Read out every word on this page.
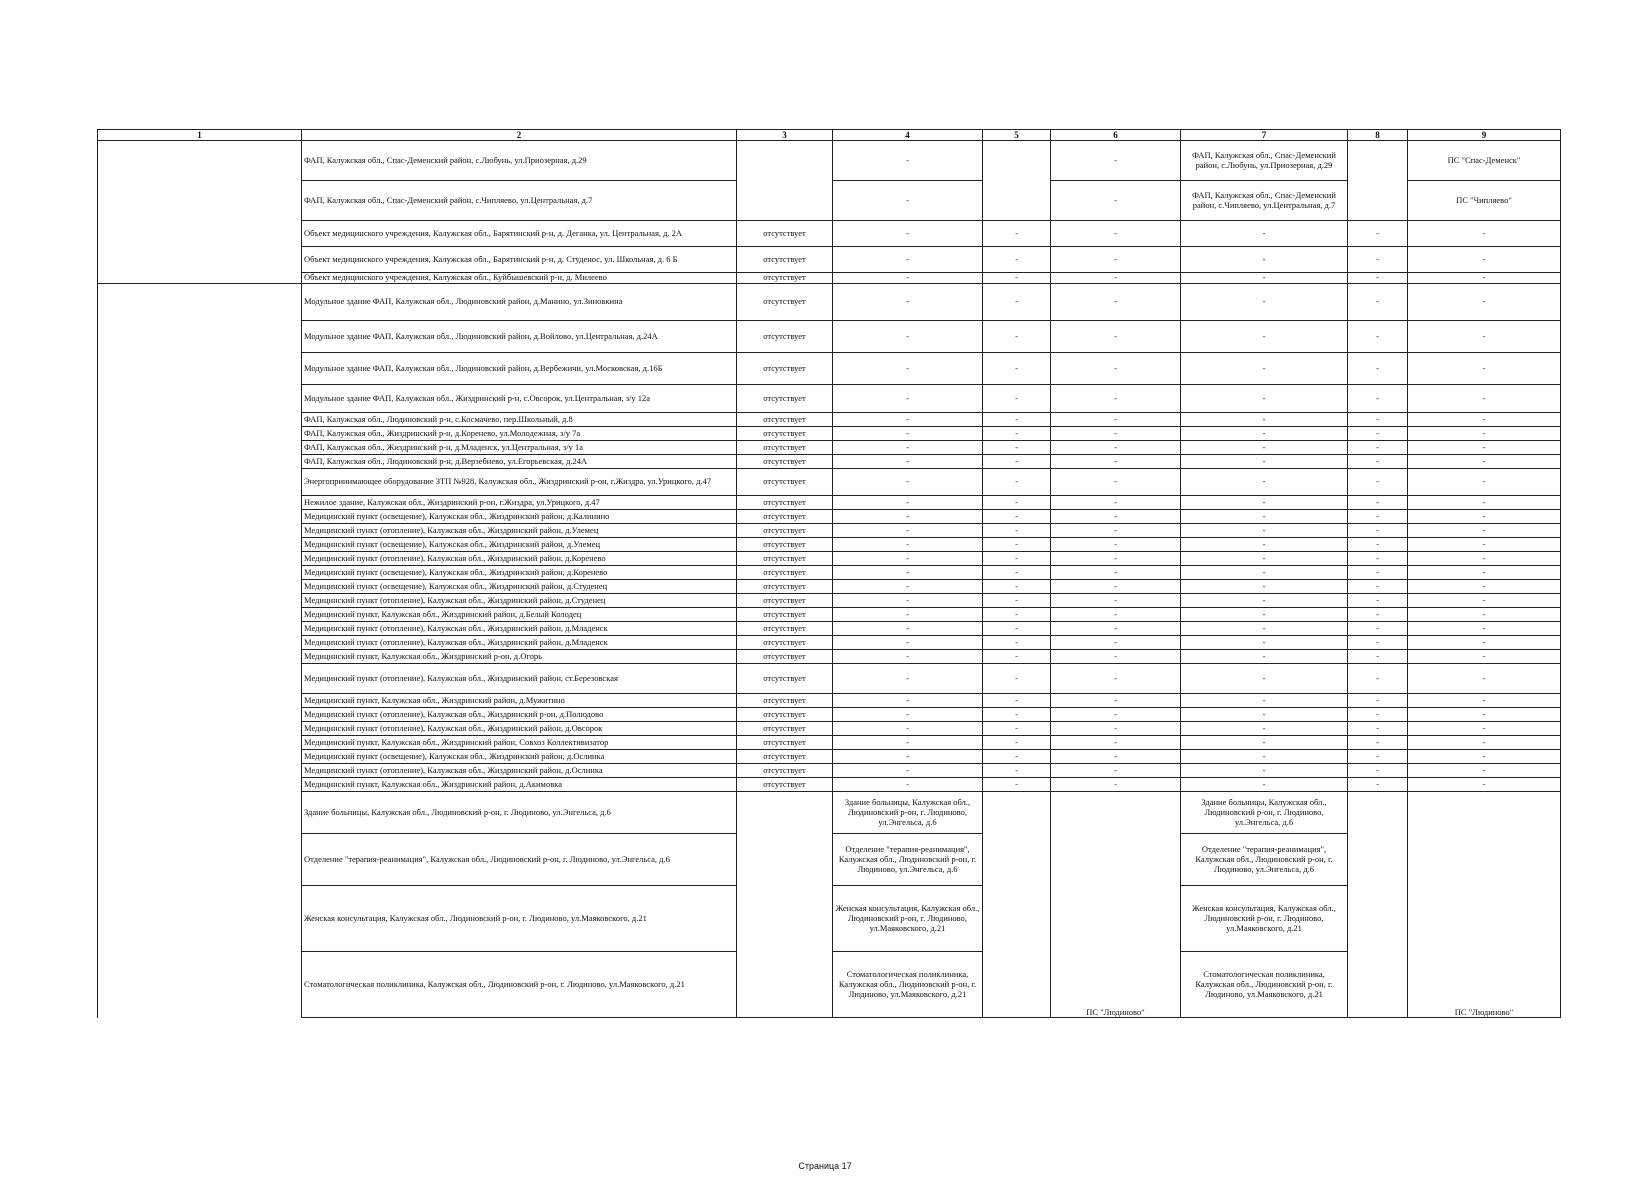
1	2	3	4	5	6	7	8	9
	ФАП, Калужская обл., Спас-Деменский район, с.Любунь, ул.Приозерная, д.29		-		-	ФАП, Калужская обл., Спас-Деменский район, с.Любунь, ул.Приозерная, д.29		ПС "Спас-Деменск"
	ФАП, Калужская обл., Спас-Деменский район, с.Чипляево, ул.Центральная, д.7		-		-	ФАП, Калужская обл., Спас-Деменский район, с.Чипляево, ул.Центральная, д.7		ПС "Чипляево"
	Объект медицинского учреждения, Калужская обл., Барятинский р-н, д. Деганка, ул. Центральная, д. 2А	отсутствует	-	-	-	-	-	-
	Объект медицинского учреждения, Калужская обл., Барятинский р-н, д. Студенос, ул. Школьная, д. 6 Б	отсутствует	-	-	-	-	-	-
	Объект медицинского учреждения, Калужская обл., Куйбышевский р-н, д. Милеево	отсутствует	-	-	-	-	-	-
	Модульное здание ФАП, Калужская обл., Людиновский район, д.Манино, ул.Зиновкина	отсутствует	-	-	-	-	-	-
	Модульное здание ФАП, Калужская обл., Людиновский район, д.Войлово, ул.Центральная, д.24А	отсутствует	-	-	-	-	-	-
	Модульное здание ФАП, Калужская обл., Людиновский район, д.Вербежичи, ул.Московская, д.16Б	отсутствует	-	-	-	-	-	-
	Модульное здание ФАП, Калужская обл., Жиздринский р-н, с.Овсорок, ул.Центральная, з/у 12а	отсутствует	-	-	-	-	-	-
	ФАП, Калужская обл., Людиновский р-н, с.Космачево, пер.Школьный, д.8	отсутствует	-	-	-	-	-	-
	ФАП, Калужская обл., Жиздринский р-н, д.Коренево, ул.Молодежная, з/у 7а	отсутствует	-	-	-	-	-	-
	ФАП, Калужская обл., Жиздринский р-н, д.Младенск, ул.Центральная, з/у 1а	отсутствует	-	-	-	-	-	-
	ФАП, Калужская обл., Людиновский р-н, д.Верзебнево, ул.Егорьевская, д.24А	отсутствует	-	-	-	-	-	-
	Энергопринимающее оборудование ЗТП №928, Калужская обл., Жиздринский р-он, г.Жиздра, ул.Урицкого, д.47	отсутствует	-	-	-	-	-	-
	Нежилое здание, Калужская обл., Жиздринский р-он, г.Жиздра, ул.Урицкого, д.47	отсутствует	-	-	-	-	-	-
	Медицинский пункт (освещение), Калужская обл., Жиздринский район, д.Калинино	отсутствует	-	-	-	-	-	-
	Медицинский пункт (отопление), Калужская обл., Жиздринский район, д.Улемец	отсутствует	-	-	-	-	-	-
	Медицинский пункт (освещение), Калужская обл., Жиздринский район, д.Улемец	отсутствует	-	-	-	-	-	-
	Медицинский пункт (отопление), Калужская обл., Жиздринский район, д.Коренево	отсутствует	-	-	-	-	-	-
	Медицинский пункт (освещение), Калужская обл., Жиздринский район, д.Коренево	отсутствует	-	-	-	-	-	-
	Медицинский пункт (освещение), Калужская обл., Жиздринский район, д.Студенец	отсутствует	-	-	-	-	-	-
	Медицинский пункт (отопление), Калужская обл., Жиздринский район, д.Студенец	отсутствует	-	-	-	-	-	-
	Медицинский пункт, Калужская обл., Жиздринский район, д.Белый Колодец	отсутствует	-	-	-	-	-	-
	Медицинский пункт (отопление), Калужская обл., Жиздринский район, д.Младенск	отсутствует	-	-	-	-	-	-
	Медицинский пункт (отопление), Калужская обл., Жиздринский район, д.Младенск	отсутствует	-	-	-	-	-	-
	Медицинский пункт, Калужская обл., Жиздринский р-он, д.Огорь	отсутствует	-	-	-	-	-	-
	Медицинский пункт (отопление), Калужская обл., Жиздринский район, ст.Березовская	отсутствует	-	-	-	-	-	-
	Медицинский пункт, Калужская обл., Жиздринский район, д.Мужитино	отсутствует	-	-	-	-	-	-
	Медицинский пункт (отопление), Калужская обл., Жиздринский р-он, д.Полюдово	отсутствует	-	-	-	-	-	-
	Медицинский пункт (отопление), Калужская обл., Жиздринский район, д.Овсорок	отсутствует	-	-	-	-	-	-
	Медицинский пункт, Калужская обл., Жиздринский район, Совхоз Коллективизатор	отсутствует	-	-	-	-	-	-
	Медицинский пункт (освещение), Калужская обл., Жиздринский район, д.Ослинка	отсутствует	-	-	-	-	-	-
	Медицинский пункт (отопление), Калужская обл., Жиздринский район, д.Ослинка	отсутствует	-	-	-	-	-	-
	Медицинский пункт, Калужская обл., Жиздринский район, д.Акимовка	отсутствует	-	-	-	-	-	-
	Здание больницы, Калужская обл., Людиновский р-он, г. Людиново, ул.Энгельса, д.6		Здание больницы, Калужская обл., Людиновский р-он, г. Людиново, ул.Энгельса, д.6			Здание больницы, Калужская обл., Людиновский р-он, г. Людиново, ул.Энгельса, д.6		
	Отделение "терапия-реанимация", Калужская обл., Людиновский р-он, г. Людиново, ул.Энгельса, д.6		Отделение "терапия-реанимация", Калужская обл., Людиновский р-он, г. Людиново, ул.Энгельса, д.6			Отделение "терапия-реанимация", Калужская обл., Людиновский р-он, г. Людиново, ул.Энгельса, д.6		
	Женская консультация, Калужская обл., Людиновский р-он, г. Людиново, ул.Маяковского, д.21		Женская консультация, Калужская обл., Людиновский р-он, г. Людиново, ул.Маяковского, д.21			Женская консультация, Калужская обл., Людиновский р-он, г. Людиново, ул.Маяковского, д.21		
	Стоматологическая поликлиника, Калужская обл., Людиновский р-он, г. Людиново, ул.Маяковского, д.21		Стоматологическая поликлиника, Калужская обл., Людиновский р-он, г. Людиново, ул.Маяковского, д.21		ПС "Людиново"	Стоматологическая поликлиника, Калужская обл., Людиновский р-он, г. Людиново, ул.Маяковского, д.21		ПС "Людиново"
Страница 17
